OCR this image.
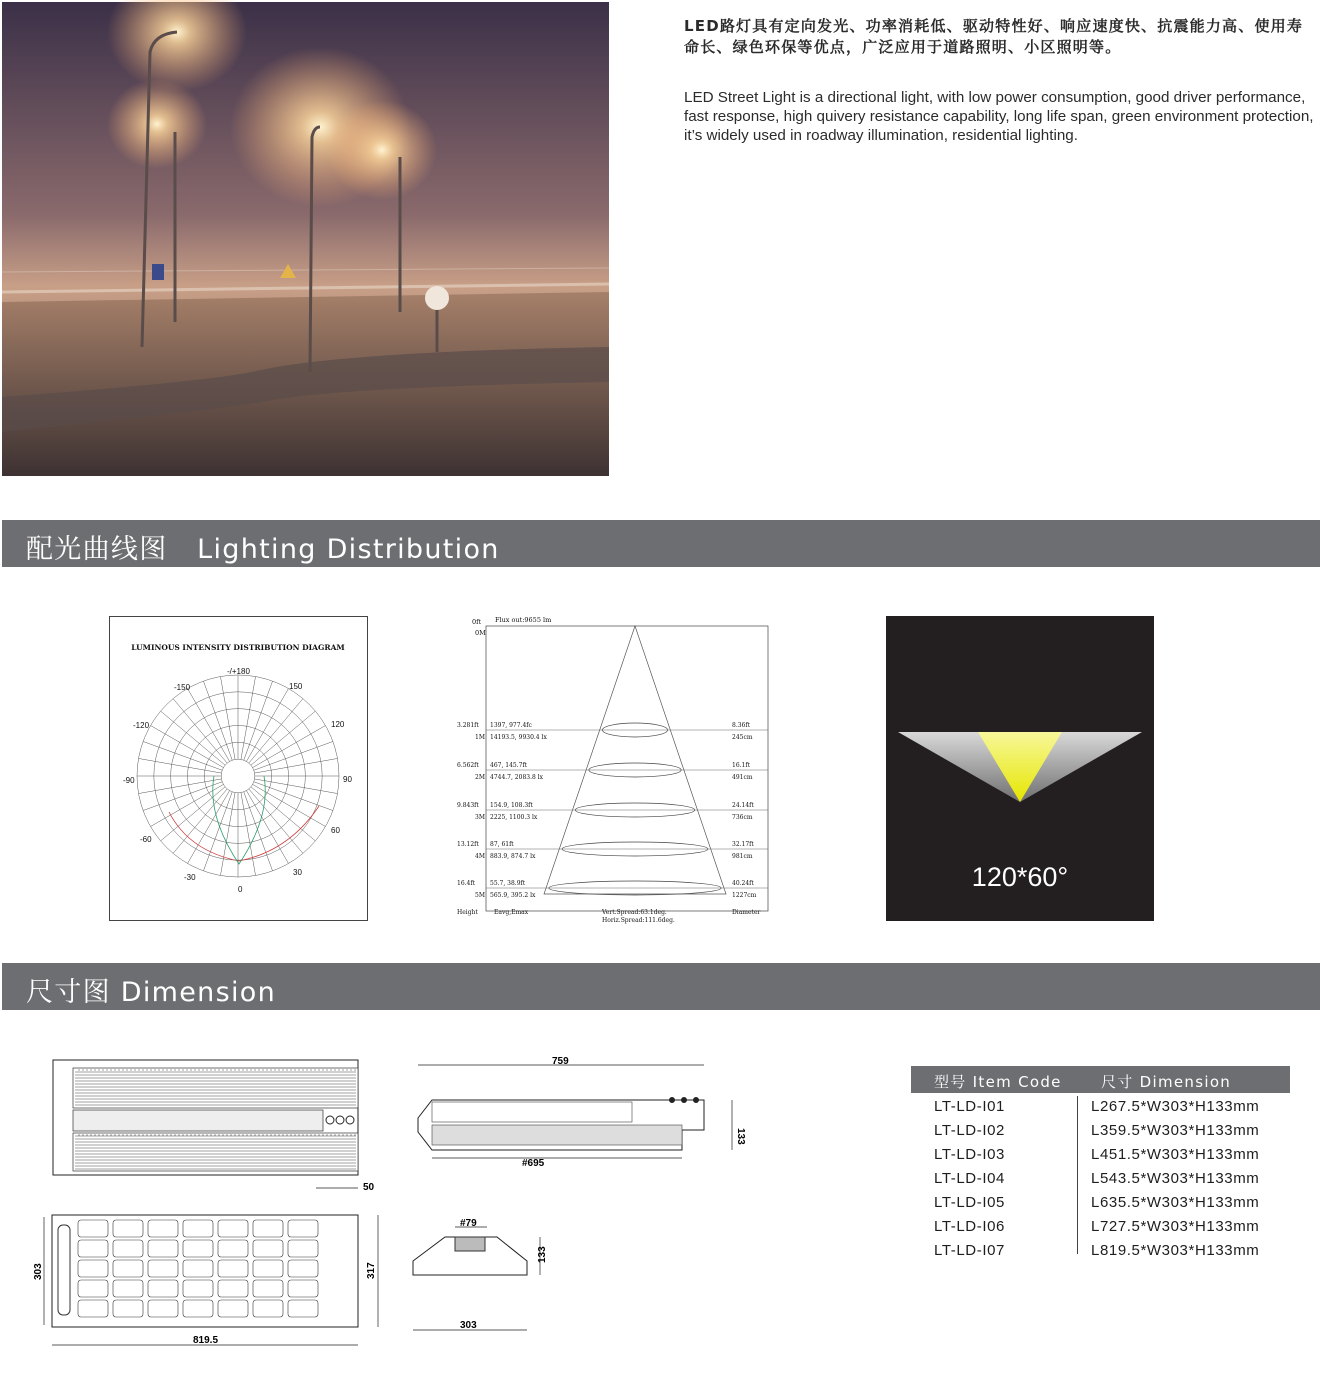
LED路灯具有定向发光、功率消耗低、驱动特性好、响应速度快、抗震能力高、使用寿命长、绿色环保等优点，广泛应用于道路照明、小区照明等。
LED Street Light is a directional light, with low power consumption, good driver performance, fast response, high quivery resistance capability, long life span, green environment protection, it’s widely used in roadway illumination, residential lighting.
配光曲线图   Lighting Distribution
LUMINOUS INTENSITY DISTRIBUTION DIAGRAM
-/+180
-150	150
-120	120
-90	90
-60
60
-30
30
0
Flux out:9655 lm
0ft
0M
3.281ft
1M
1397, 977.4fc
14193.5, 9930.4 lx
8.36ft
245cm
6.562ft
2M
467, 145.7ft
4744.7, 2083.8 lx
16.1ft
491cm
9.843ft
3M
154.9, 108.3ft
2225, 1100.3 lx
24.14ft
736cm
13.12ft
4M
87, 61ft
883.9, 874.7 lx
32.17ft
981cm
16.4ft
5M
55.7, 38.9ft
565.9, 395.2 lx
40.24ft
1227cm
Height	Eavg,Emax	Vert.Spread:63.1deg.
Horiz.Spread:111.6deg.
Diameter
120*60°
尺寸图 Dimension
50
759
133
#695
303	317
819.5
#79
133
303
型号 Item Code	尺寸 Dimension
LT-LD-I01	L267.5*W303*H133mm
LT-LD-I02	L359.5*W303*H133mm
LT-LD-I03	L451.5*W303*H133mm
LT-LD-I04	L543.5*W303*H133mm
LT-LD-I05	L635.5*W303*H133mm
LT-LD-I06	L727.5*W303*H133mm
LT-LD-I07	L819.5*W303*H133mm
